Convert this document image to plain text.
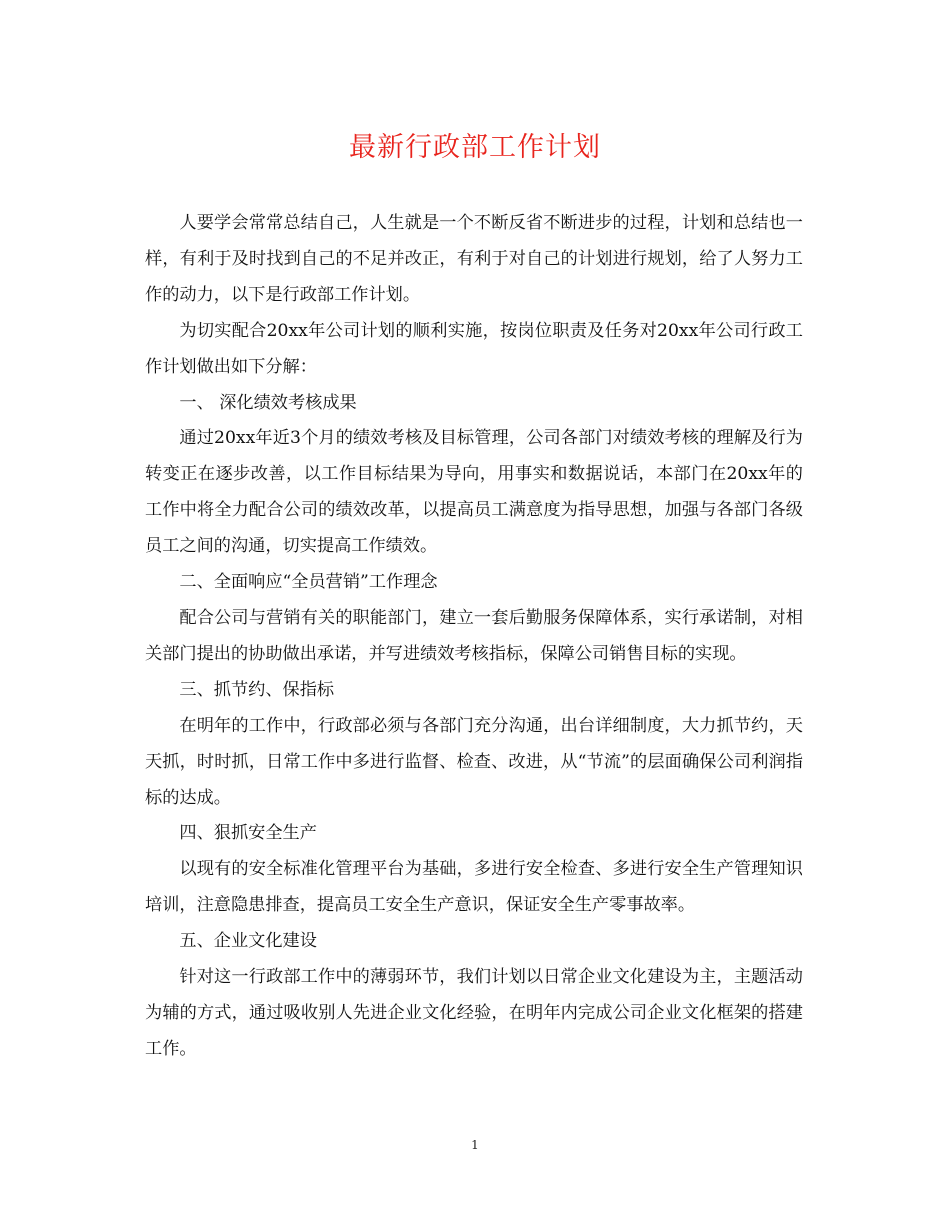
最新行政部工作计划

人要学会常常总结自己，人生就是一个不断反省不断进步的过程，计划和总结也一样，有利于及时找到自己的不足并改正，有利于对自己的计划进行规划，给了人努力工作的动力，以下是行政部工作计划。

为切实配合20xx年公司计划的顺利实施，按岗位职责及任务对20xx年公司行政工作计划做出如下分解：

一、 深化绩效考核成果

通过20xx年近3个月的绩效考核及目标管理，公司各部门对绩效考核的理解及行为转变正在逐步改善，以工作目标结果为导向，用事实和数据说话，本部门在20xx年的工作中将全力配合公司的绩效改革，以提高员工满意度为指导思想，加强与各部门各级员工之间的沟通，切实提高工作绩效。

二、全面响应“全员营销”工作理念

配合公司与营销有关的职能部门，建立一套后勤服务保障体系，实行承诺制，对相关部门提出的协助做出承诺，并写进绩效考核指标，保障公司销售目标的实现。

三、抓节约、保指标

在明年的工作中，行政部必须与各部门充分沟通，出台详细制度，大力抓节约，天天抓，时时抓，日常工作中多进行监督、检查、改进，从“节流”的层面确保公司利润指标的达成。

四、狠抓安全生产

以现有的安全标准化管理平台为基础，多进行安全检查、多进行安全生产管理知识培训，注意隐患排查，提高员工安全生产意识，保证安全生产零事故率。

五、企业文化建设

针对这一行政部工作中的薄弱环节，我们计划以日常企业文化建设为主，主题活动为辅的方式，通过吸收别人先进企业文化经验，在明年内完成公司企业文化框架的搭建工作。

1
